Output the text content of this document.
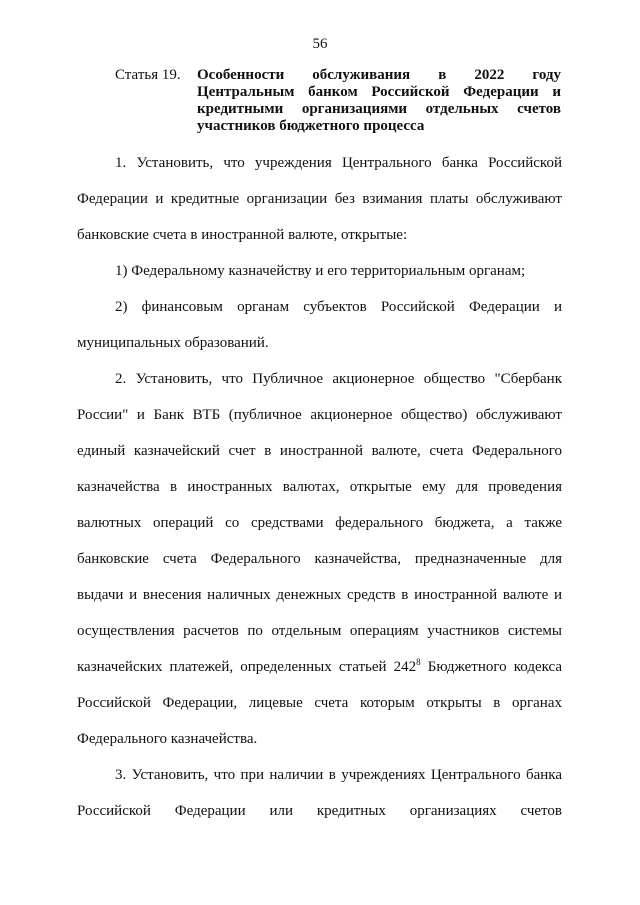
56
Статья 19. Особенности обслуживания в 2022 году
Центральным банком Российской Федерации и
кредитными организациями отдельных счетов
участников бюджетного процесса
1. Установить, что учреждения Центрального банка Российской
Федерации и кредитные организации без взимания платы обслуживают
банковские счета в иностранной валюте, открытые:
1) Федеральному казначейству и его территориальным органам;
2) финансовым органам субъектов Российской Федерации и
муниципальных образований.
2. Установить, что Публичное акционерное общество "Сбербанк
России" и Банк ВТБ (публичное акционерное общество) обслуживают
единый казначейский счет в иностранной валюте, счета Федерального
казначейства в иностранных валютах, открытые ему для проведения
валютных операций со средствами федерального бюджета, а также
банковские счета Федерального казначейства, предназначенные для
выдачи и внесения наличных денежных средств в иностранной валюте и
осуществления расчетов по отдельным операциям участников системы
казначейских платежей, определенных статьей $242^8$ Бюджетного кодекса
Российской Федерации, лицевые счета которым открыты в органах
Федерального казначейства.
3. Установить, что при наличии в учреждениях Центрального банка
Российской Федерации или кредитных организациях счетов
